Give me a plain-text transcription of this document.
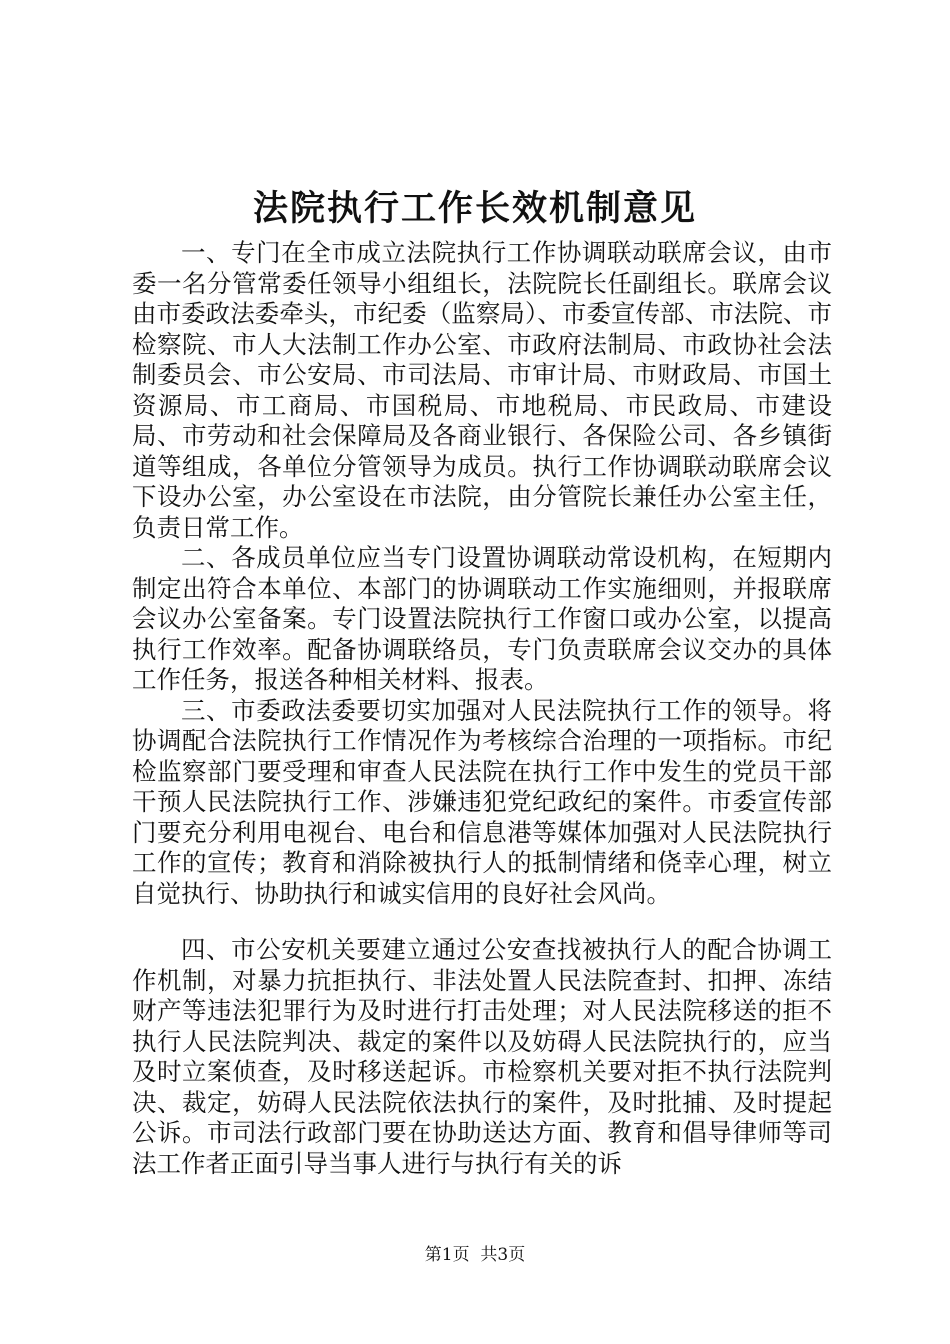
法院执行工作长效机制意见

一、专门在全市成立法院执行工作协调联动联席会议，由市委一名分管常委任领导小组组长，法院院长任副组长。联席会议由市委政法委牵头，市纪委（监察局）、市委宣传部、市法院、市检察院、市人大法制工作办公室、市政府法制局、市政协社会法制委员会、市公安局、市司法局、市审计局、市财政局、市国土资源局、市工商局、市国税局、市地税局、市民政局、市建设局、市劳动和社会保障局及各商业银行、各保险公司、各乡镇街道等组成，各单位分管领导为成员。执行工作协调联动联席会议下设办公室，办公室设在市法院，由分管院长兼任办公室主任，负责日常工作。

二、各成员单位应当专门设置协调联动常设机构，在短期内制定出符合本单位、本部门的协调联动工作实施细则，并报联席会议办公室备案。专门设置法院执行工作窗口或办公室，以提高执行工作效率。配备协调联络员，专门负责联席会议交办的具体工作任务，报送各种相关材料、报表。

三、市委政法委要切实加强对人民法院执行工作的领导。将协调配合法院执行工作情况作为考核综合治理的一项指标。市纪检监察部门要受理和审查人民法院在执行工作中发生的党员干部干预人民法院执行工作、涉嫌违犯党纪政纪的案件。市委宣传部门要充分利用电视台、电台和信息港等媒体加强对人民法院执行工作的宣传；教育和消除被执行人的抵制情绪和侥幸心理，树立自觉执行、协助执行和诚实信用的良好社会风尚。

四、市公安机关要建立通过公安查找被执行人的配合协调工作机制，对暴力抗拒执行、非法处置人民法院查封、扣押、冻结财产等违法犯罪行为及时进行打击处理；对人民法院移送的拒不执行人民法院判决、裁定的案件以及妨碍人民法院执行的，应当及时立案侦查，及时移送起诉。市检察机关要对拒不执行法院判决、裁定，妨碍人民法院依法执行的案件，及时批捕、及时提起公诉。市司法行政部门要在协助送达方面、教育和倡导律师等司法工作者正面引导当事人进行与执行有关的诉

第1页 共3页
